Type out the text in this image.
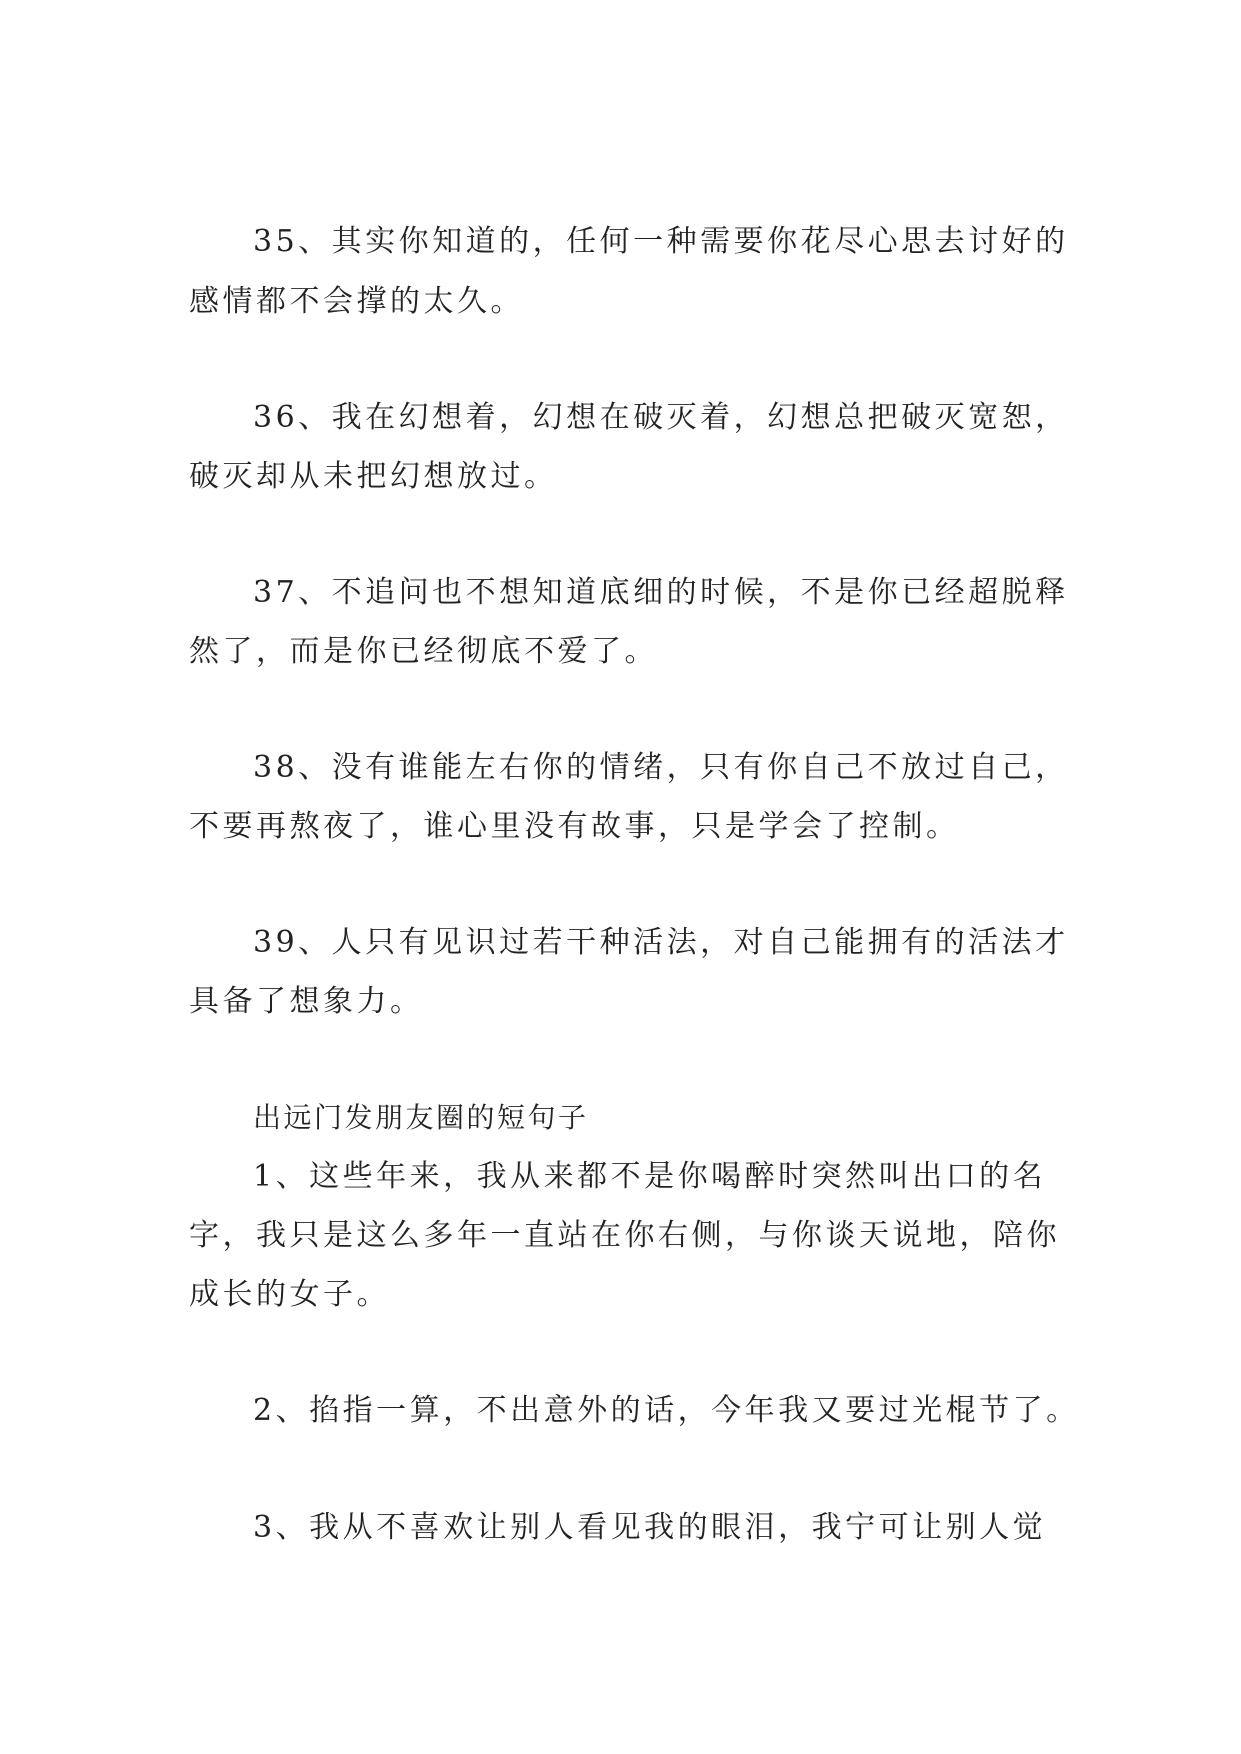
35、其实你知道的，任何一种需要你花尽心思去讨好的
感情都不会撑的太久。
36、我在幻想着，幻想在破灭着，幻想总把破灭宽恕，
破灭却从未把幻想放过。
37、不追问也不想知道底细的时候，不是你已经超脱释
然了，而是你已经彻底不爱了。
38、没有谁能左右你的情绪，只有你自己不放过自己，
不要再熬夜了，谁心里没有故事，只是学会了控制。
39、人只有见识过若干种活法，对自己能拥有的活法才
具备了想象力。
出远门发朋友圈的短句子
1、这些年来，我从来都不是你喝醉时突然叫出口的名
字，我只是这么多年一直站在你右侧，与你谈天说地，陪你
成长的女子。
2、掐指一算，不出意外的话，今年我又要过光棍节了。
3、我从不喜欢让别人看见我的眼泪，我宁可让别人觉
